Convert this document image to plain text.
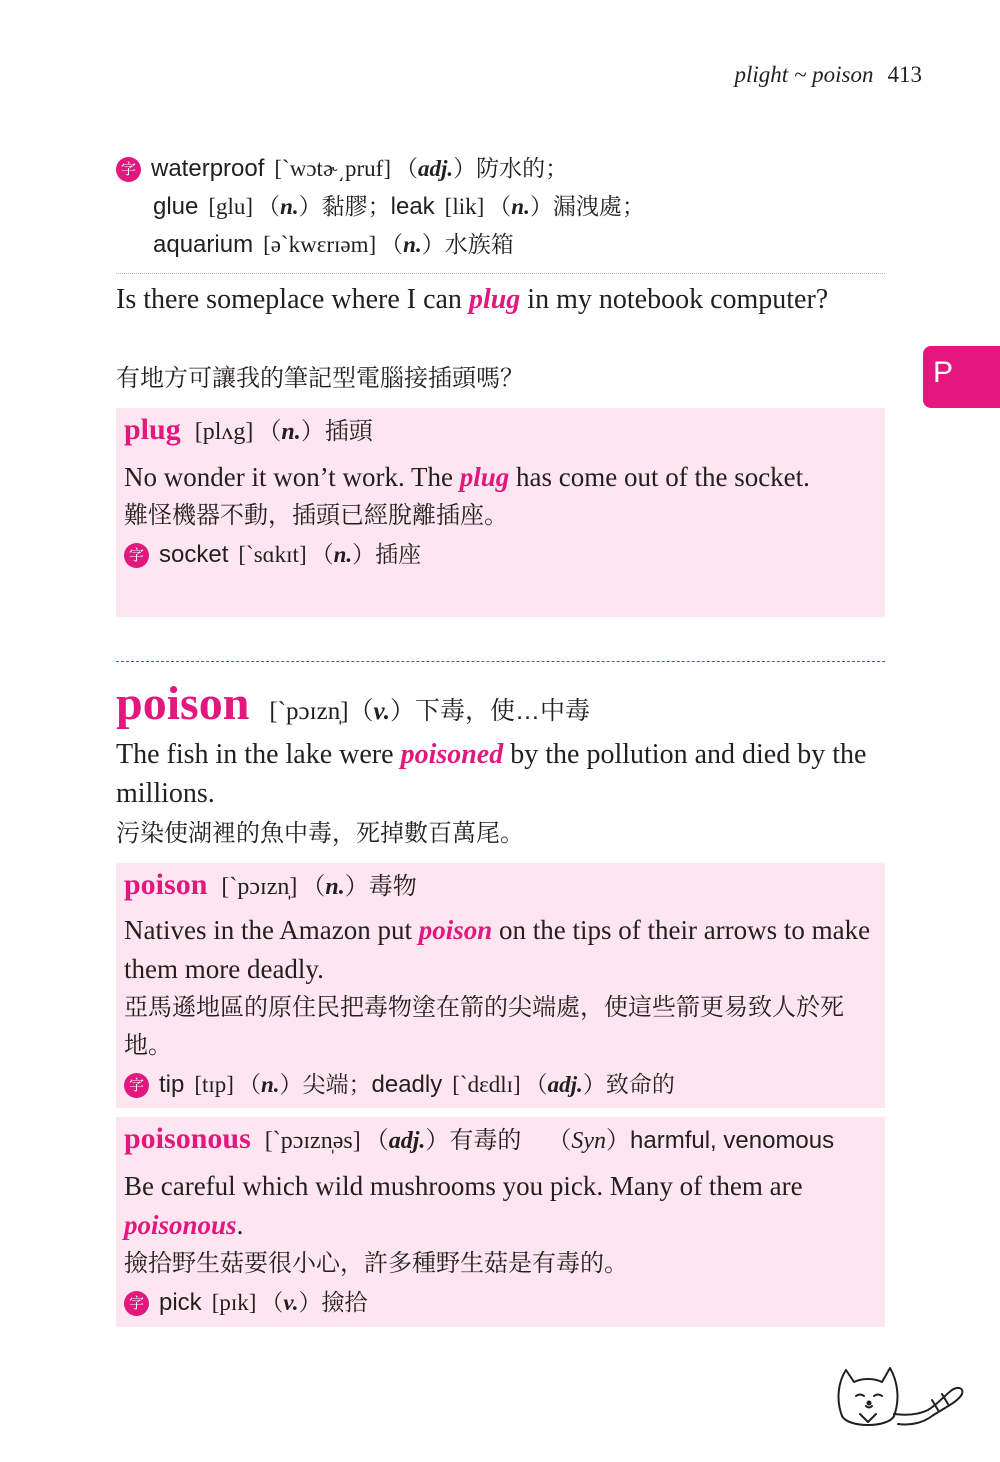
plight ~ poison 413
P
字 waterproof [ˋwɔtɚ͵pruf] （adj.）防水的；
glue [glu] （n.）黏膠；leak [lik] （n.）漏洩處；
aquarium [əˋkwɛrɪəm] （n.）水族箱
Is there someplace where I can plug in my notebook computer?
有地方可讓我的筆記型電腦接插頭嗎？
plug [plʌg] （n.）插頭
No wonder it won’t work. The plug has come out of the socket.
難怪機器不動，插頭已經脫離插座。
字 socket [ˋsɑkɪt] （n.）插座
poison [ˋpɔɪzn̩]（v.）下毒，使…中毒
The fish in the lake were poisoned by the pollution and died by the millions.
污染使湖裡的魚中毒，死掉數百萬尾。
poison [ˋpɔɪzn̩] （n.）毒物
Natives in the Amazon put poison on the tips of their arrows to make them more deadly.
亞馬遜地區的原住民把毒物塗在箭的尖端處，使這些箭更易致人於死地。
字 tip [tɪp] （n.）尖端；deadly [ˋdɛdlɪ] （adj.）致命的
poisonous [ˋpɔɪzn̩əs] （adj.）有毒的 （Syn）harmful, venomous
Be careful which wild mushrooms you pick. Many of them are poisonous.
撿拾野生菇要很小心，許多種野生菇是有毒的。
字 pick [pɪk] （v.）撿拾
